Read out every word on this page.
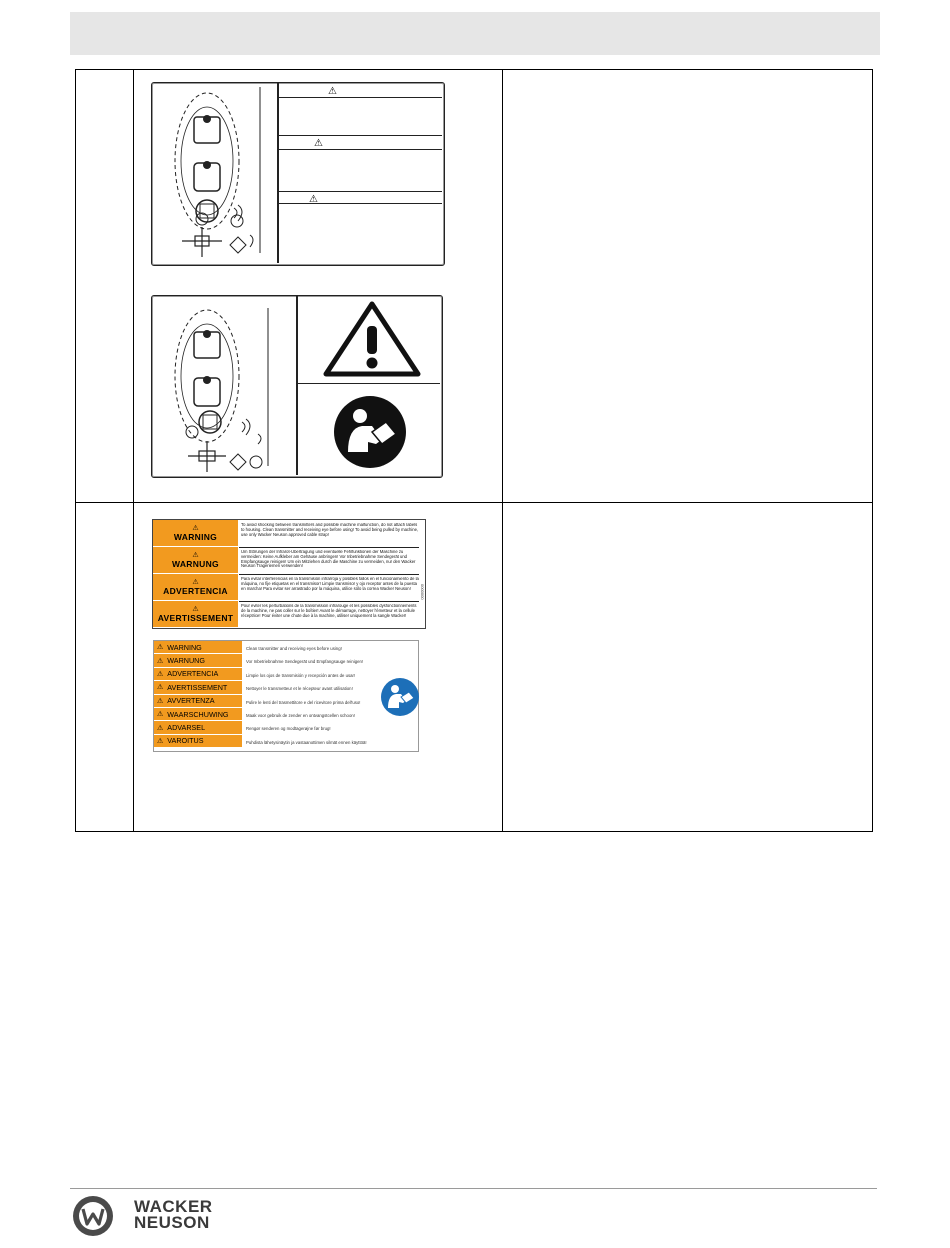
⚠
⚠
⚠
⚠
WARNING
⚠
WARNUNG
⚠
ADVERTENCIA
⚠
AVERTISSEMENT
To avoid shocking between transmitters and possible machine malfunction, do not attach labels to housing. Clean transmitter and receiving eye before using! To avoid being pulled by machine, use only Wacker Neuson approved cable strap!
Um Störungen der Infrarot-Übertragung und eventuelle Fehlfunktionen der Maschine zu vermeiden: Keine Aufkleber am Gehäuse anbringen! Vor Inbetriebnahme Sendegerät und Empfangsauge reinigen! Um ein Mitziehen durch die Maschine zu vermeiden, nur den Wacker Neuson Trageriemen verwenden!
Para evitar interferencias en la transmisión infrarroja y posibles fallos en el funcionamiento de la máquina, no fije etiquetas en el transmisor! Limpie transmisor y ojo receptor antes de la puesta en marcha! Para evitar ser arrastrado por la máquina, utilice sólo la correa Wacker Neuson!
Pour éviter les perturbations de la transmission infrarouge et les possibles dysfonctionnements de la machine, ne pas coller sur le boîtier! Avant le démarrage, nettoyer l'émetteur et la cellule réceptrice! Pour éviter une chute due à la machine, utiliser uniquement la sangle Wacker!
0000000
⚠ WARNING
⚠ WARNUNG
⚠ ADVERTENCIA
⚠ AVERTISSEMENT
⚠ AVVERTENZA
⚠ WAARSCHUWING
⚠ ADVARSEL
⚠ VAROITUS
Clean transmitter and receiving eyes before using!
Vor Inbetriebnahme Sendegerät und Empfangsauge reinigen!
Limpie los ojos de transmisión y recepción antes de usar!
Nettoyer le transmetteur et le récepteur avant utilisation!
Pulire le lenti del trasmettitore e del ricevitore prima dell'uso!
Maak voor gebruik de zender en ontvangstcellen schoon!
Rengør senderen og modtagerøjne før brug!
Puhdista lähetysinäytin ja vastaanottimen silmät ennen käyttöä!
WACKER
NEUSON
